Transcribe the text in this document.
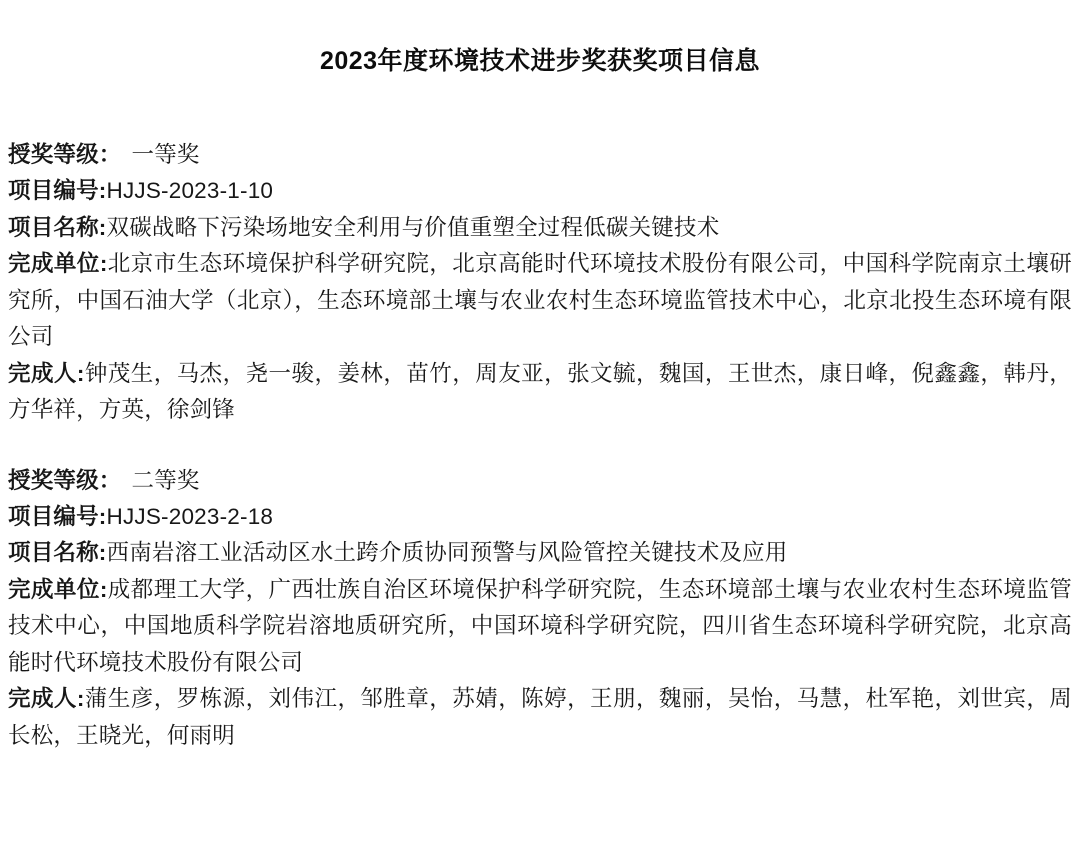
2023年度环境技术进步奖获奖项目信息
授奖等级： 一等奖
项目编号:HJJS-2023-1-10
项目名称:双碳战略下污染场地安全利用与价值重塑全过程低碳关键技术
完成单位:北京市生态环境保护科学研究院，北京高能时代环境技术股份有限公司，中国科学院南京土壤研究所，中国石油大学（北京），生态环境部土壤与农业农村生态环境监管技术中心，北京北投生态环境有限公司
完成人:钟茂生，马杰，尧一骏，姜林，苗竹，周友亚，张文毓，魏国，王世杰，康日峰，倪鑫鑫，韩丹，方华祥，方英，徐剑锋
授奖等级： 二等奖
项目编号:HJJS-2023-2-18
项目名称:西南岩溶工业活动区水土跨介质协同预警与风险管控关键技术及应用
完成单位:成都理工大学，广西壮族自治区环境保护科学研究院，生态环境部土壤与农业农村生态环境监管技术中心，中国地质科学院岩溶地质研究所，中国环境科学研究院，四川省生态环境科学研究院，北京高能时代环境技术股份有限公司
完成人:蒲生彦，罗栋源，刘伟江，邹胜章，苏婧，陈婷，王朋，魏丽，吴怡，马慧，杜军艳，刘世宾，周长松，王晓光，何雨明
